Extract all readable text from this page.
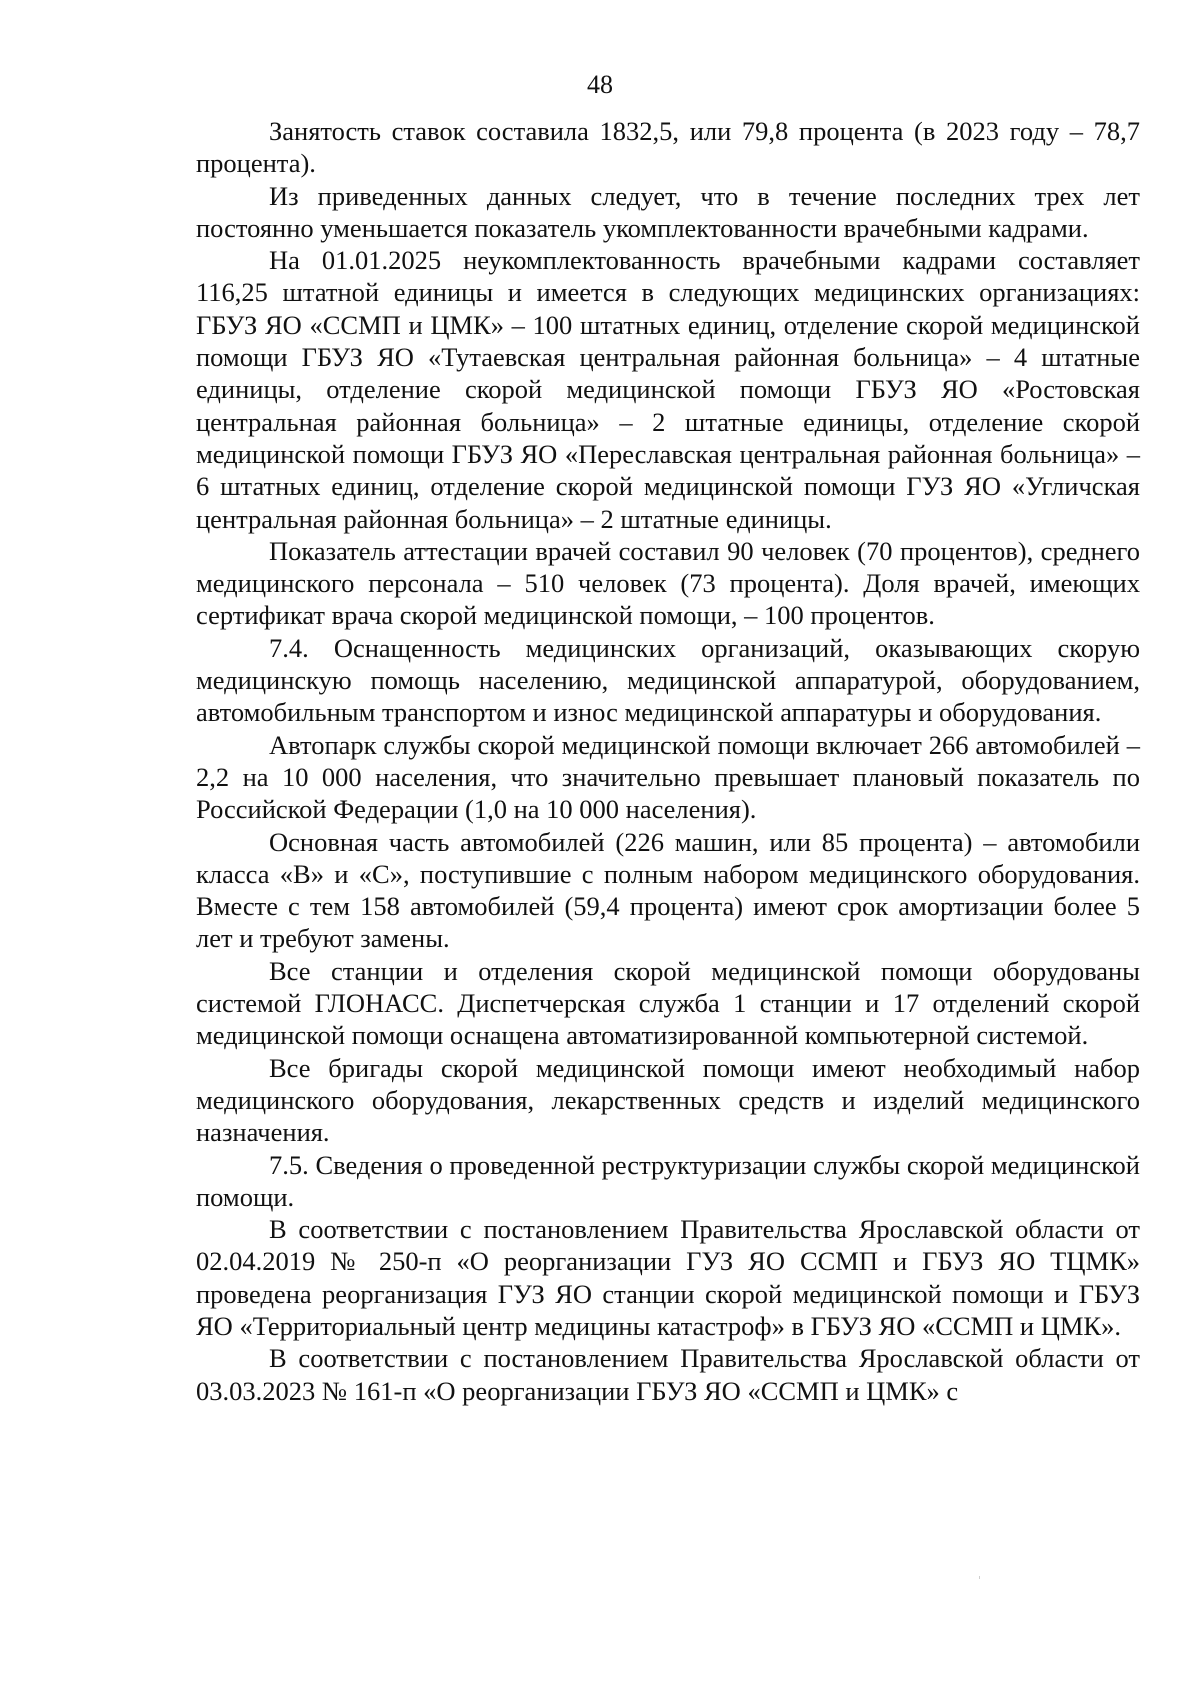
48

Занятость ставок составила 1832,5, или 79,8 процента (в 2023 году – 78,7 процента).

Из приведенных данных следует, что в течение последних трех лет постоянно уменьшается показатель укомплектованности врачебными кадрами.

На 01.01.2025 неукомплектованность врачебными кадрами составляет 116,25 штатной единицы и имеется в следующих медицинских организациях: ГБУЗ ЯО «ССМП и ЦМК» – 100 штатных единиц, отделение скорой медицинской помощи ГБУЗ ЯО «Тутаевская центральная районная больница» – 4 штатные единицы, отделение скорой медицинской помощи ГБУЗ ЯО «Ростовская центральная районная больница» – 2 штатные единицы, отделение скорой медицинской помощи ГБУЗ ЯО «Переславская центральная районная больница» – 6 штатных единиц, отделение скорой медицинской помощи ГУЗ ЯО «Угличская центральная районная больница» – 2 штатные единицы.

Показатель аттестации врачей составил 90 человек (70 процентов), среднего медицинского персонала – 510 человек (73 процента). Доля врачей, имеющих сертификат врача скорой медицинской помощи, – 100 процентов.

7.4. Оснащенность медицинских организаций, оказывающих скорую медицинскую помощь населению, медицинской аппаратурой, оборудованием, автомобильным транспортом и износ медицинской аппаратуры и оборудования.

Автопарк службы скорой медицинской помощи включает 266 автомобилей – 2,2 на 10 000 населения, что значительно превышает плановый показатель по Российской Федерации (1,0 на 10 000 населения).

Основная часть автомобилей (226 машин, или 85 процента) – автомобили класса «В» и «С», поступившие с полным набором медицинского оборудования. Вместе с тем 158 автомобилей (59,4 процента) имеют срок амортизации более 5 лет и требуют замены.

Все станции и отделения скорой медицинской помощи оборудованы системой ГЛОНАСС. Диспетчерская служба 1 станции и 17 отделений скорой медицинской помощи оснащена автоматизированной компьютерной системой.

Все бригады скорой медицинской помощи имеют необходимый набор медицинского оборудования, лекарственных средств и изделий медицинского назначения.

7.5. Сведения о проведенной реструктуризации службы скорой медицинской помощи.

В соответствии с постановлением Правительства Ярославской области от 02.04.2019 № 250-п «О реорганизации ГУЗ ЯО ССМП и ГБУЗ ЯО ТЦМК» проведена реорганизация ГУЗ ЯО станции скорой медицинской помощи и ГБУЗ ЯО «Территориальный центр медицины катастроф» в ГБУЗ ЯО «ССМП и ЦМК».

В соответствии с постановлением Правительства Ярославской области от 03.03.2023 № 161-п «О реорганизации ГБУЗ ЯО «ССМП и ЦМК» с
